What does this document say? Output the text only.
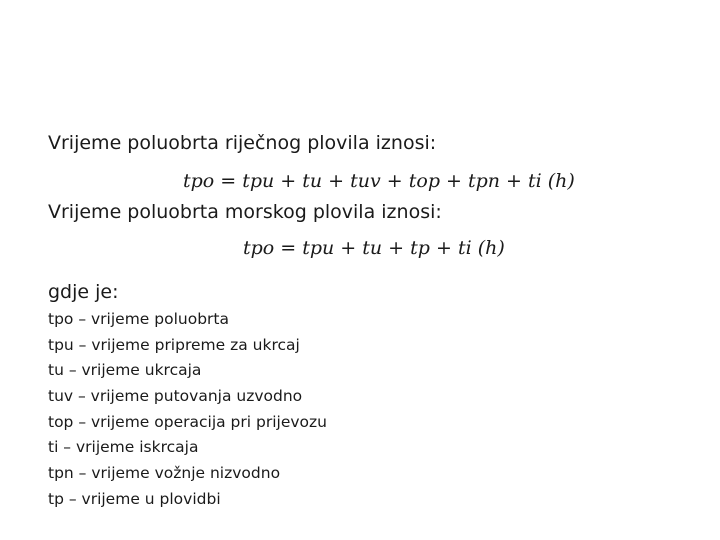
Vrijeme poluobrta riječnog plovila iznosi:
tpo = tpu + tu + tuv + top + tpn + ti (h)
Vrijeme poluobrta morskog plovila iznosi:
tpo = tpu + tu + tp + ti (h)
gdje je:
tpo – vrijeme poluobrta
tpu – vrijeme pripreme za ukrcaj
tu – vrijeme ukrcaja
tuv – vrijeme putovanja uzvodno
top – vrijeme operacija pri prijevozu
ti – vrijeme iskrcaja
tpn – vrijeme vožnje nizvodno
tp – vrijeme u plovidbi
